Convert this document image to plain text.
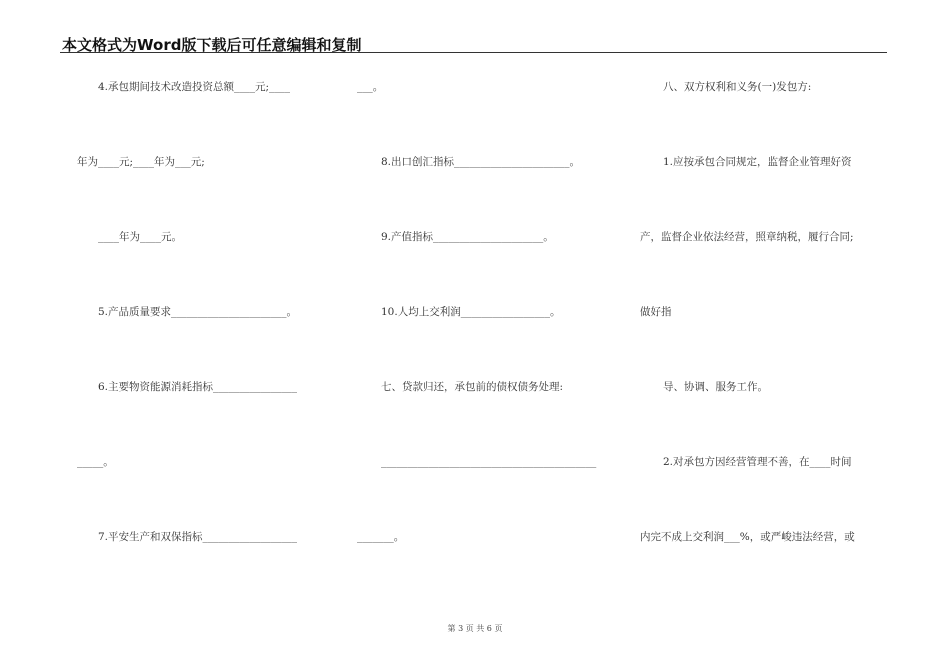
本文格式为Word版下载后可任意编辑和复制
4.承包期间技术改造投资总额____元;____
年为____元;____年为___元;
____年为____元。
5.产品质量要求______________________。
6.主要物资能源消耗指标________________
_____。
7.平安生产和双保指标__________________
___。
8.出口创汇指标______________________。
9.产值指标_____________________。
10.人均上交利润_________________。
七、贷款归还，承包前的债权债务处理:
_________________________________________
_______。
八、双方权利和义务(一)发包方:
1.应按承包合同规定，监督企业管理好资
产，监督企业依法经营，照章纳税，履行合同;
做好指
导、协调、服务工作。
2.对承包方因经营管理不善，在____时间
内完不成上交利润___%，或严峻违法经营，或
第 3 页 共 6 页
